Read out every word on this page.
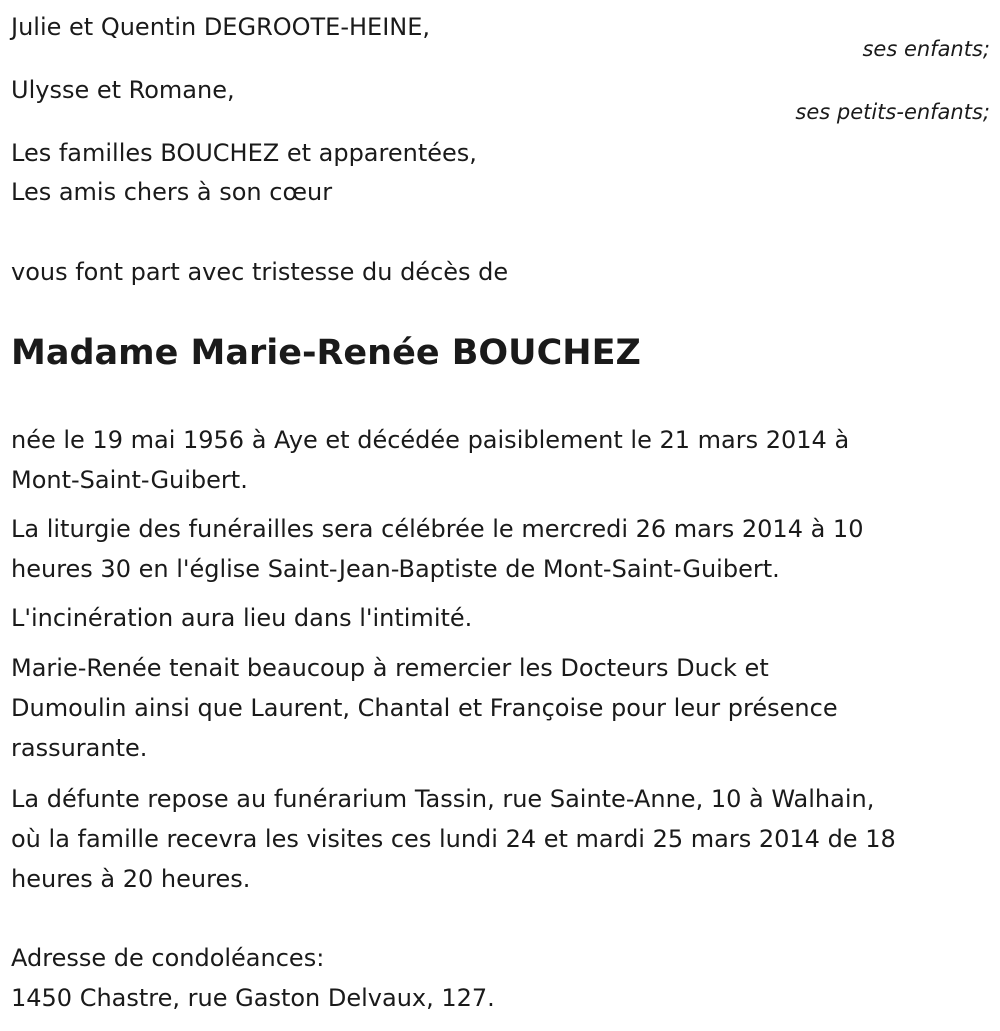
Julie et Quentin DEGROOTE-HEINE,
ses enfants;
Ulysse et Romane,
ses petits-enfants;
Les familles BOUCHEZ et apparentées,
Les amis chers à son cœur
vous font part avec tristesse du décès de
Madame Marie-Renée BOUCHEZ
née le 19 mai 1956 à Aye et décédée paisiblement le 21 mars 2014 à
Mont-Saint-Guibert.
La liturgie des funérailles sera célébrée le mercredi 26 mars 2014 à 10
heures 30 en l'église Saint-Jean-Baptiste de Mont-Saint-Guibert.
L'incinération aura lieu dans l'intimité.
Marie-Renée tenait beaucoup à remercier les Docteurs Duck et
Dumoulin ainsi que Laurent, Chantal et Françoise pour leur présence
rassurante.
La défunte repose au funérarium Tassin, rue Sainte-Anne, 10 à Walhain,
où la famille recevra les visites ces lundi 24 et mardi 25 mars 2014 de 18
heures à 20 heures.
Adresse de condoléances:
1450 Chastre, rue Gaston Delvaux, 127.
